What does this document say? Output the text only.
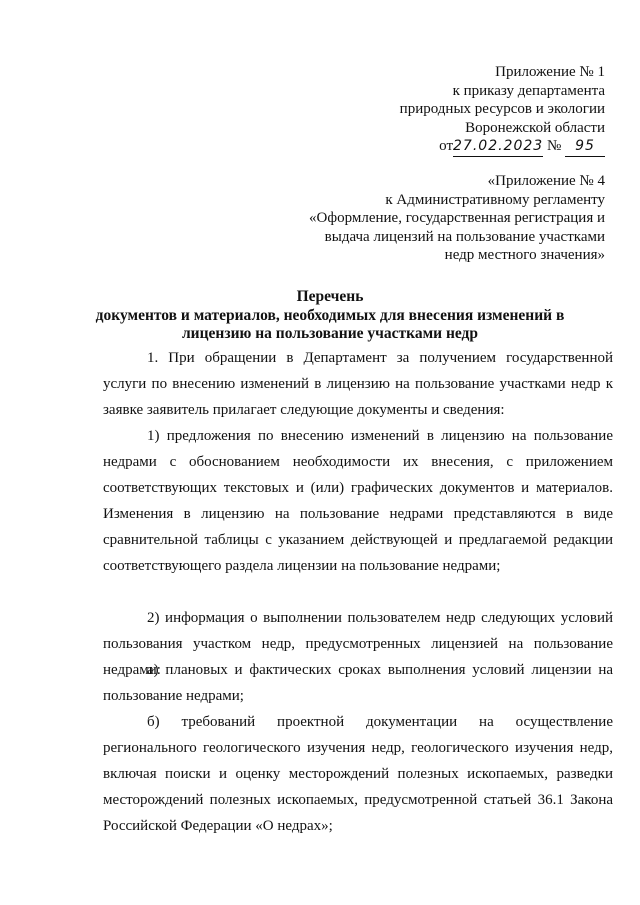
Приложение № 1
к приказу департамента
природных ресурсов и экологии
Воронежской области
от27.02.2023 № 95
«Приложение № 4
к Административному регламенту
«Оформление, государственная регистрация и
выдача лицензий на пользование участками
недр местного значения»
Перечень
документов и материалов, необходимых для внесения изменений в
лицензию на пользование участками недр

1. При обращении в Департамент за получением государственной услуги по внесению изменений в лицензию на пользование участками недр к заявке заявитель прилагает следующие документы и сведения:

1) предложения по внесению изменений в лицензию на пользование недрами с обоснованием необходимости их внесения, с приложением соответствующих текстовых и (или) графических документов и материалов. Изменения в лицензию на пользование недрами представляются в виде сравнительной таблицы с указанием действующей и предлагаемой редакции соответствующего раздела лицензии на пользование недрами;

2) информация о выполнении пользователем недр следующих условий пользования участком недр, предусмотренных лицензией на пользование недрами:

а) плановых и фактических сроках выполнения условий лицензии на пользование недрами;

б) требований проектной документации на осуществление регионального геологического изучения недр, геологического изучения недр, включая поиски и оценку месторождений полезных ископаемых, разведки месторождений полезных ископаемых, предусмотренной статьей 36.1 Закона Российской Федерации «О недрах»;
